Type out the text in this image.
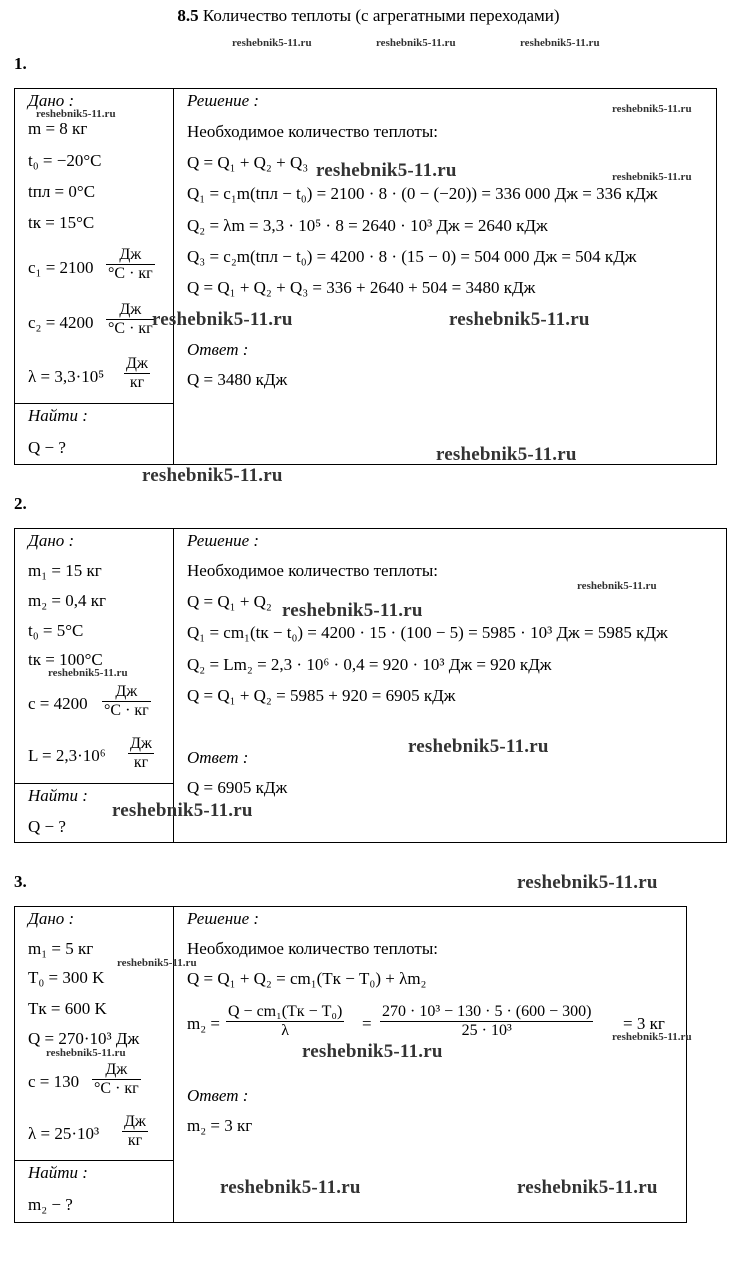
8.5 Количество теплоты (с агрегатными переходами)
reshebnik5-11.ru	reshebnik5-11.ru	reshebnik5-11.ru
1.
Дано :
m = 8 кг
t₀ = −20°C
tпл = 0°C
tк = 15°C
c₁ = 2100
Дж
°C · кг
c₂ = 4200
Дж
°C · кг
λ = 3,3·10⁵
Дж
кг
Найти :
Q − ?
Решение :
Необходимое количество теплоты:
Q = Q₁ + Q₂ + Q₃
Q₁ = c₁m(tпл − t₀) = 2100 · 8 · (0 − (−20)) = 336 000 Дж = 336 кДж
Q₂ = λm = 3,3 · 10⁵ · 8 = 2640 · 10³ Дж = 2640 кДж
Q₃ = c₂m(tпл − t₀) = 4200 · 8 · (15 − 0) = 504 000 Дж = 504 кДж
Q = Q₁ + Q₂ + Q₃ = 336 + 2640 + 504 = 3480 кДж
Ответ :
Q = 3480 кДж
reshebnik5-11.ru	reshebnik5-11.ru
reshebnik5-11.ru	reshebnik5-11.ru
reshebnik5-11.ru	reshebnik5-11.ru
reshebnik5-11.ru
reshebnik5-11.ru
2.
Дано :
m₁ = 15 кг
m₂ = 0,4 кг
t₀ = 5°C
tк = 100°C
c = 4200
Дж
°C · кг
L = 2,3·10⁶
Дж
кг
Найти :
Q − ?
Решение :
Необходимое количество теплоты:
Q = Q₁ + Q₂
Q₁ = cm₁(tк − t₀) = 4200 · 15 · (100 − 5) = 5985 · 10³ Дж = 5985 кДж
Q₂ = Lm₂ = 2,3 · 10⁶ · 0,4 = 920 · 10³ Дж = 920 кДж
Q = Q₁ + Q₂ = 5985 + 920 = 6905 кДж
Ответ :
Q = 6905 кДж
reshebnik5-11.ru
reshebnik5-11.ru
reshebnik5-11.ru
reshebnik5-11.ru
reshebnik5-11.ru
3.	reshebnik5-11.ru
Дано :
m₁ = 5 кг
T₀ = 300 K
Tк = 600 K
Q = 270·10³ Дж
c = 130
Дж
°C · кг
λ = 25·10³
Дж
кг
Найти :
m₂ − ?
Решение :
Необходимое количество теплоты:
Q = Q₁ + Q₂ = cm₁(Tк − T₀) + λm₂
m₂ =
Q − cm₁(Tк − T₀)
λ	= $\frac{\text{270 · 10³ − 130 · 5 · (600 − 300)}}{\text{25 · 10³}} = 3$ кг
Ответ :
m₂ = 3 кг
reshebnik5-11.ru
reshebnik5-11.ru	reshebnik5-11.ru
reshebnik5-11.ru
reshebnik5-11.ru	reshebnik5-11.ru
